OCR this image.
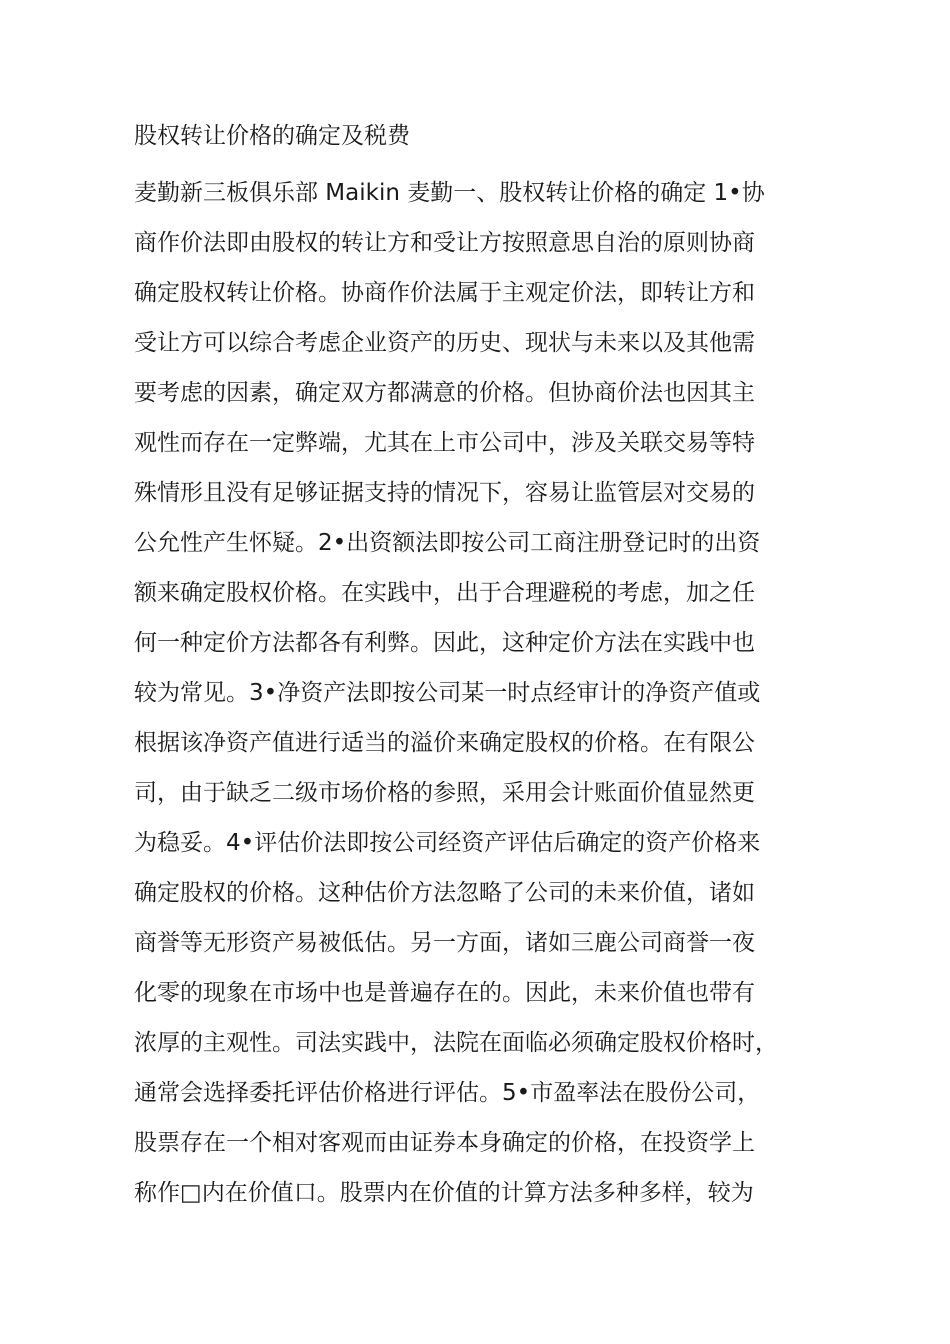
股权转让价格的确定及税费

麦勤新三板俱乐部 Maikin 麦勤一、股权转让价格的确定 1•协
商作价法即由股权的转让方和受让方按照意思自治的原则协商
确定股权转让价格。协商作价法属于主观定价法，即转让方和
受让方可以综合考虑企业资产的历史、现状与未来以及其他需
要考虑的因素，确定双方都满意的价格。但协商价法也因其主
观性而存在一定弊端，尤其在上市公司中，涉及关联交易等特
殊情形且没有足够证据支持的情况下，容易让监管层对交易的
公允性产生怀疑。2•出资额法即按公司工商注册登记时的出资
额来确定股权价格。在实践中，出于合理避税的考虑，加之任
何一种定价方法都各有利弊。因此，这种定价方法在实践中也
较为常见。3•净资产法即按公司某一时点经审计的净资产值或
根据该净资产值进行适当的溢价来确定股权的价格。在有限公
司，由于缺乏二级市场价格的参照，采用会计账面价值显然更
为稳妥。4•评估价法即按公司经资产评估后确定的资产价格来
确定股权的价格。这种估价方法忽略了公司的未来价值，诸如
商誉等无形资产易被低估。另一方面，诸如三鹿公司商誉一夜
化零的现象在市场中也是普遍存在的。因此，未来价值也带有
浓厚的主观性。司法实践中，法院在面临必须确定股权价格时，
通常会选择委托评估价格进行评估。5•市盈率法在股份公司，
股票存在一个相对客观而由证券本身确定的价格，在投资学上
称作□内在价值口。股票内在价值的计算方法多种多样，较为
